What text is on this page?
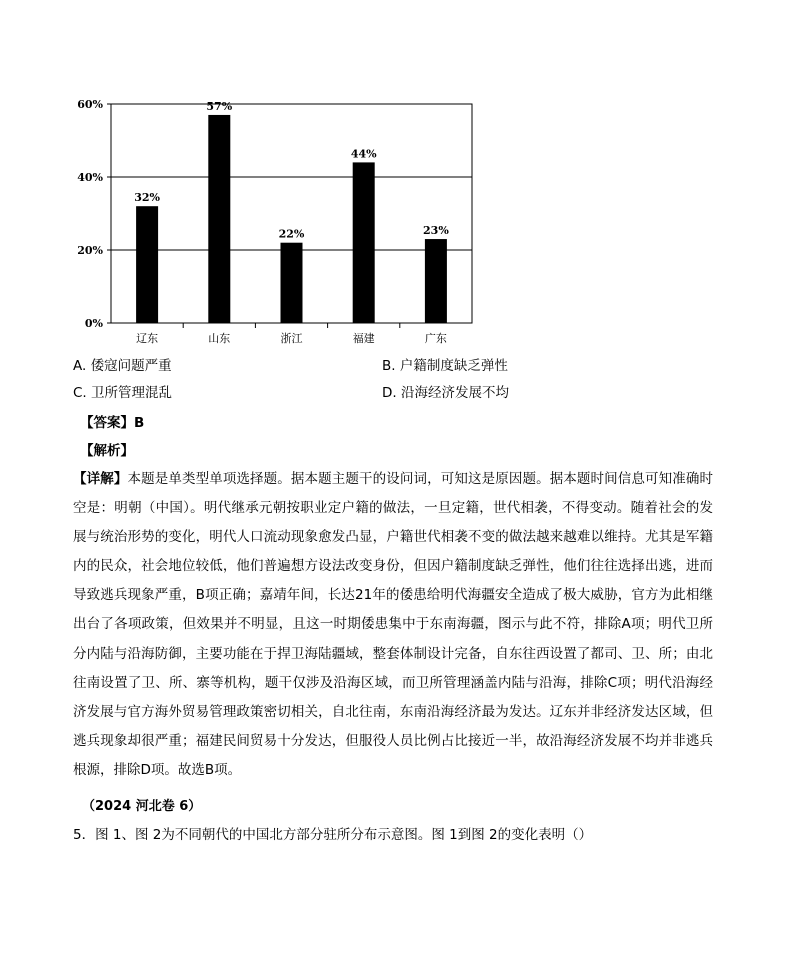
0%
20%
40%
60%
32%
57%
22%
44%
23%
辽东	山东	浙江	福建	广东
A. 倭寇问题严重	B. 户籍制度缺乏弹性
C. 卫所管理混乱	D. 沿海经济发展不均
【答案】B
【解析】

【详解】本题是单类型单项选择题。据本题主题干的设问词，可知这是原因题。据本题时间信息可知准确时空是：明朝（中国）。明代继承元朝按职业定户籍的做法，一旦定籍，世代相袭，不得变动。随着社会的发展与统治形势的变化，明代人口流动现象愈发凸显，户籍世代相袭不变的做法越来越难以维持。尤其是军籍内的民众，社会地位较低，他们普遍想方设法改变身份，但因户籍制度缺乏弹性，他们往往选择出逃，进而导致逃兵现象严重，B项正确；嘉靖年间，长达21年的倭患给明代海疆安全造成了极大威胁，官方为此相继出台了各项政策，但效果并不明显，且这一时期倭患集中于东南海疆，图示与此不符，排除A项；明代卫所分内陆与沿海防御，主要功能在于捍卫海陆疆域，整套体制设计完备，自东往西设置了都司、卫、所；由北往南设置了卫、所、寨等机构，题干仅涉及沿海区域，而卫所管理涵盖内陆与沿海，排除C项；明代沿海经济发展与官方海外贸易管理政策密切相关，自北往南，东南沿海经济最为发达。辽东并非经济发达区域，但逃兵现象却很严重；福建民间贸易十分发达，但服役人员比例占比接近一半，故沿海经济发展不均并非逃兵根源，排除D项。故选B项。

（2024 河北卷 6）
5．图 1、图 2为不同朝代的中国北方部分驻所分布示意图。图 1到图 2的变化表明（）
